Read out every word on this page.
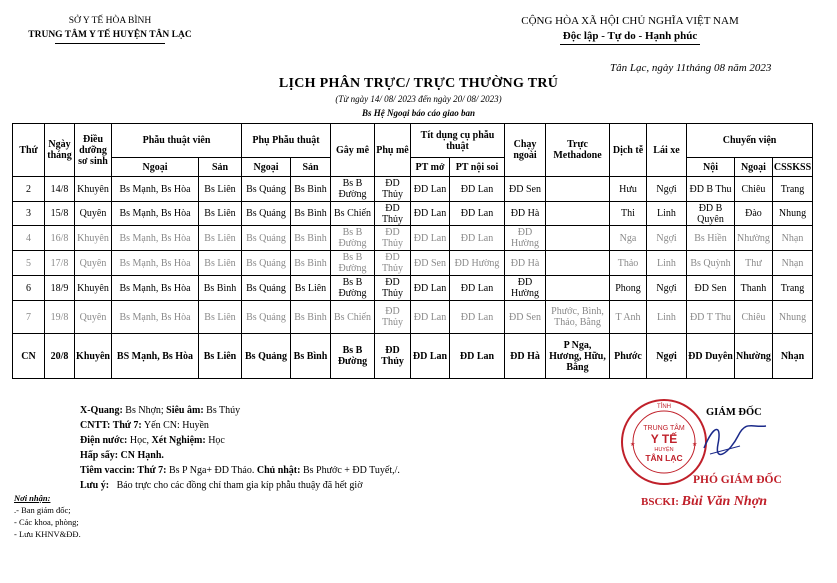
SỞ Y TẾ HÒA BÌNH
TRUNG TÂM Y TẾ HUYỆN TÂN LẠC
CỘNG HÒA XÃ HỘI CHỦ NGHĨA VIỆT NAM
Độc lập - Tự do - Hạnh phúc
Tân Lạc, ngày 11tháng 08 năm 2023
LỊCH PHÂN TRỰC/ TRỰC THƯỜNG TRÚ
(Từ ngày 14/ 08/ 2023 đến ngày 20/ 08/ 2023)
Bs Hệ Ngoại báo cáo giao ban
Thứ	Ngày tháng	Điều dưỡng sơ sinh	Phẫu thuật viên		Phụ Phẫu thuật		Gây mê	Phụ mê	Tít dụng cụ phẫu thuật		Chạy ngoài	Trực Methadone	Dịch tễ	Lái xe	Chuyển viện		
			Ngoại	Sản	Ngoại	Sản			PT mở	PT nội soi					Nội	Ngoại	CSSKSS
2	14/8	Khuyên	Bs Mạnh, Bs Hòa	Bs Liên	Bs Quảng	Bs Bình	Bs B Đường	ĐD Thủy	ĐD Lan	ĐD Lan	ĐD Sen		Hưu	Ngợi	ĐD B Thu	Chiêu	Trang
3	15/8	Quyên	Bs Mạnh, Bs Hòa	Bs Liên	Bs Quảng	Bs Bình	Bs Chiến	ĐD Thủy	ĐD Lan	ĐD Lan	ĐD Hà		Thi	Linh	ĐD B Quyên	Đào	Nhung
4	16/8	Khuyên	Bs Mạnh, Bs Hòa	Bs Liên	Bs Quảng	Bs Bình	Bs B Đường	ĐD Thủy	ĐD Lan	ĐD Lan	ĐD Hường		Nga	Ngợi	Bs Hiền	Nhường	Nhạn
5	17/8	Quyên	Bs Mạnh, Bs Hòa	Bs Liên	Bs Quảng	Bs Bình	Bs B Đường	ĐD Thủy	ĐD Sen	ĐD Hường	ĐD Hà		Thảo	Linh	Bs Quỳnh	Thư	Nhạn
6	18/9	Khuyên	Bs Mạnh, Bs Hòa	Bs Bình	Bs Quảng	Bs Liên	Bs B Đường	ĐD Thủy	ĐD Lan	ĐD Lan	ĐD Hường		Phong	Ngợi	ĐD Sen	Thanh	Trang
7	19/8	Quyên	Bs Mạnh, Bs Hòa	Bs Liên	Bs Quảng	Bs Bình	Bs Chiến	ĐD Thủy	ĐD Lan	ĐD Lan	ĐD Sen	Phước, Bình, Thảo, Bằng	T Anh	Linh	ĐD T Thu	Chiêu	Nhung
CN	20/8	Khuyên	BS Mạnh, Bs Hòa	Bs Liên	Bs Quảng	Bs Bình	Bs B Đường	ĐD Thủy	ĐD Lan	ĐD Lan	ĐD Hà	P Nga, Hương, Hữu, Bằng	Phước	Ngợi	ĐD Duyên	Nhường	Nhạn
X-Quang: Bs Nhợn; Siêu âm: Bs Thúy
CNTT: Thứ 7: Yến CN: Huyền
Điện nước: Học, Xét Nghiệm: Học
Hấp sấy: CN Hạnh.
Tiêm vaccin: Thứ 7: Bs P Nga+ ĐD Thảo. Chủ nhật: Bs Phước + ĐD Tuyết,/.
Lưu ý: Báo trực cho các đồng chí tham gia kíp phẫu thuậy đã hết giờ
Nơi nhận:
.- Ban giám đốc;
- Các khoa, phòng;
- Lưu KHNV&ĐĐ.
TỈNH
TRUNG TÂM
Y TẾ
HUYỆN
TÂN LẠC
★	★
GIÁM ĐỐC
PHÓ GIÁM ĐỐC
BSCKI: Bùi Văn Nhợn
